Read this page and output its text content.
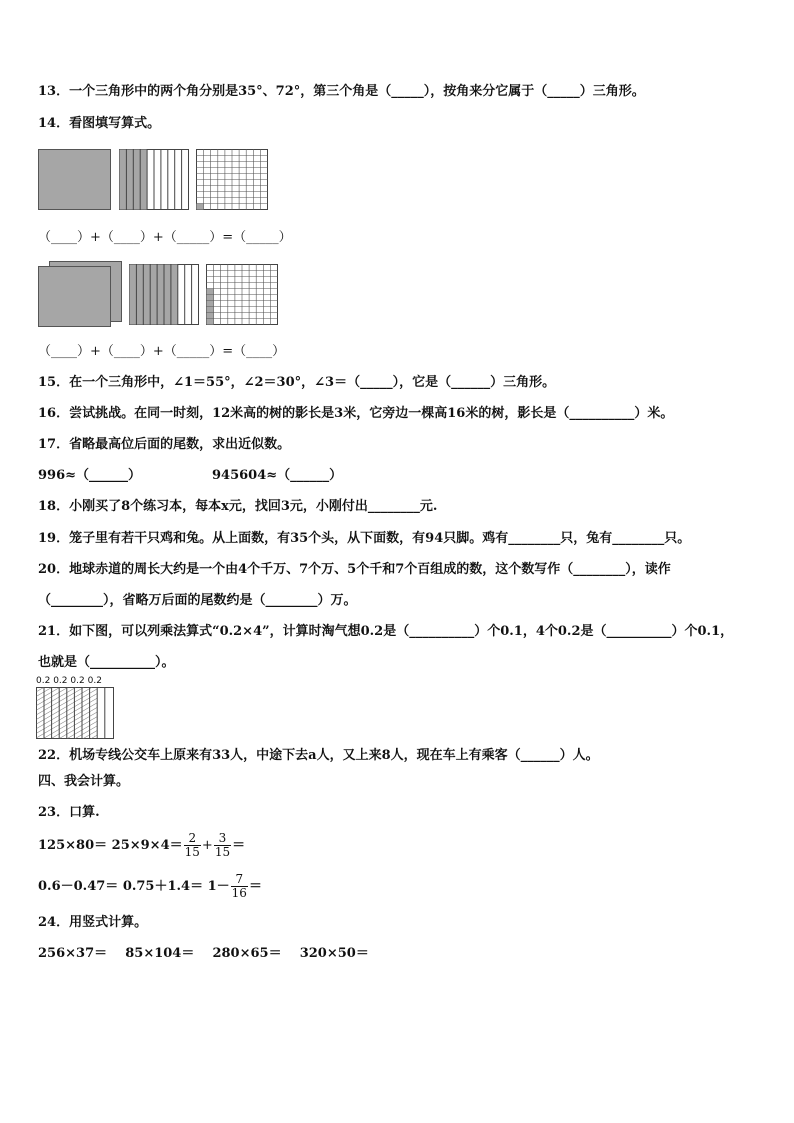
13．一个三角形中的两个角分别是35°、72°，第三个角是（_____），按角来分它属于（_____）三角形。
14．看图填写算式。
（____）+（____）+（_____）=（_____）
（____）+（____）+（_____）=（____）
15．在一个三角形中，∠1＝55°，∠2＝30°，∠3＝（_____），它是（______）三角形。
16．尝试挑战。在同一时刻，12米高的树的影长是3米，它旁边一棵高16米的树，影长是（__________）米。
17．省略最高位后面的尾数，求出近似数。
996≈（______）	945604≈（______）
18．小刚买了8个练习本，每本x元，找回3元，小刚付出________元.
19．笼子里有若干只鸡和兔。从上面数，有35个头，从下面数，有94只脚。鸡有________只，兔有________只。
20．地球赤道的周长大约是一个由4个千万、7个万、5个千和7个百组成的数，这个数写作（________），读作
（________），省略万后面的尾数约是（________）万。
21．如下图，可以列乘法算式“0.2×4”，计算时淘气想0.2是（__________）个0.1，4个0.2是（__________）个0.1，
也就是（__________）。
0.2 0.2 0.2 0.2
22．机场专线公交车上原来有33人，中途下去a人，又上来8人，现在车上有乘客（______）人。
四、我会计算。
23．口算.
$125\times 80= 25\times 9\times 4= \frac{2}{15} + \frac{3}{15}$ ＝
$0.6-0.47= 0.75+1.4= 1- \frac{7}{16}$ ＝
24．用竖式计算。
256×37＝ 85×104＝ 280×65＝ 320×50＝
